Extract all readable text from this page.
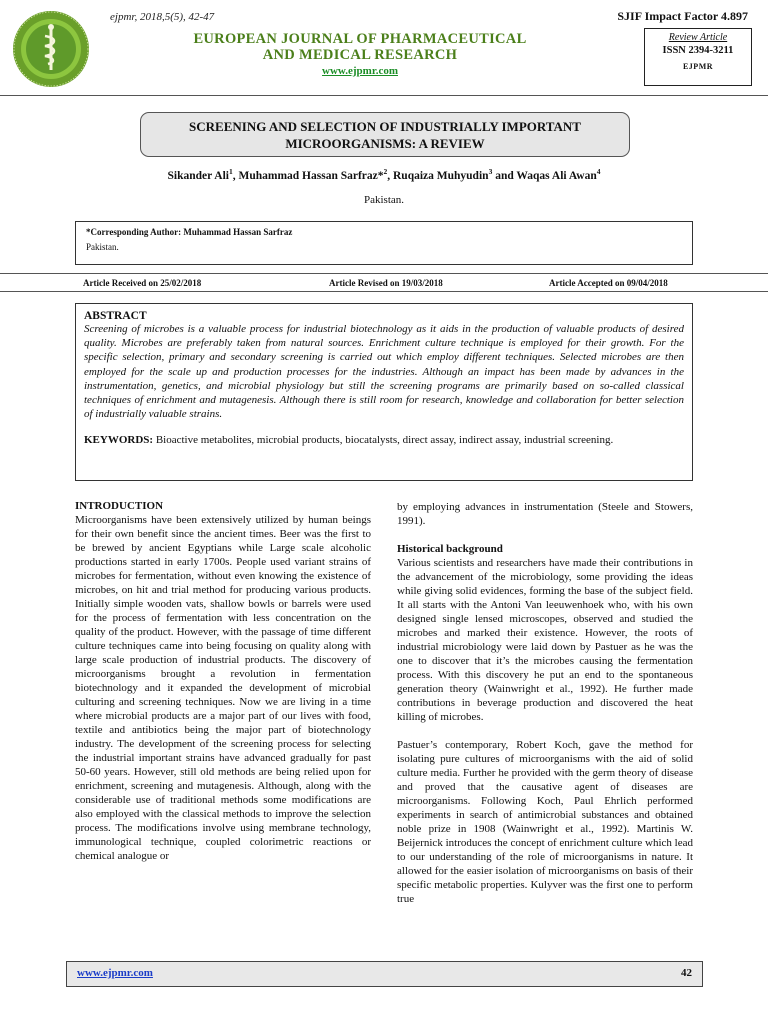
ejpmr, 2018,5(5), 42-47	SJIF Impact Factor 4.897
EUROPEAN JOURNAL OF PHARMACEUTICAL
AND MEDICAL RESEARCH
www.ejpmr.com
Review Article
ISSN 2394-3211
EJPMR
SCREENING AND SELECTION OF INDUSTRIALLY IMPORTANT
MICROORGANISMS: A REVIEW
Sikander Ali$^1$, Muhammad Hassan Sarfraz*$^2$, Ruqaiza Muhyudin$^3$ and Waqas Ali Awan$^4$
Pakistan.
*Corresponding Author: Muhammad Hassan Sarfraz
Pakistan.
Article Received on 25/02/2018	Article Revised on 19/03/2018	Article Accepted on 09/04/2018
ABSTRACT
Screening of microbes is a valuable process for industrial biotechnology as it aids in the production of valuable products of desired quality. Microbes are preferably taken from natural sources. Enrichment culture technique is employed for their growth. For the specific selection, primary and secondary screening is carried out which employ different techniques. Selected microbes are then employed for the scale up and production processes for the industries. Although an impact has been made by advances in the instrumentation, genetics, and microbial physiology but still the screening programs are primarily based on so-called classical techniques of enrichment and mutagenesis. Although there is still room for research, knowledge and collaboration for better selection of industrially valuable strains.
KEYWORDS: Bioactive metabolites, microbial products, biocatalysts, direct assay, indirect assay, industrial screening.
INTRODUCTION
Microorganisms have been extensively utilized by human beings for their own benefit since the ancient times. Beer was the first to be brewed by ancient Egyptians while Large scale alcoholic productions started in early 1700s. People used variant strains of microbes for fermentation, without even knowing the existence of microbes, on hit and trial method for producing various products. Initially simple wooden vats, shallow bowls or barrels were used for the process of fermentation with less concentration on the quality of the product. However, with the passage of time different culture techniques came into being focusing on quality along with large scale production of industrial products. The discovery of microorganisms brought a revolution in fermentation biotechnology and it expanded the development of microbial culturing and screening techniques. Now we are living in a time where microbial products are a major part of our lives with food, textile and antibiotics being the major part of biotechnology industry. The development of the screening process for selecting the industrial important strains have advanced gradually for past 50-60 years. However, still old methods are being relied upon for enrichment, screening and mutagenesis. Although, along with the considerable use of traditional methods some modifications are also employed with the classical methods to improve the selection process. The modifications involve using membrane technology, immunological technique, coupled colorimetric reactions or chemical analogue or
by employing advances in instrumentation (Steele and Stowers, 1991).
Historical background
Various scientists and researchers have made their contributions in the advancement of the microbiology, some providing the ideas while giving solid evidences, forming the base of the subject field. It all starts with the Antoni Van leeuwenhoek who, with his own designed single lensed microscopes, observed and studied the microbes and marked their existence. However, the roots of industrial microbiology were laid down by Pastuer as he was the one to discover that it’s the microbes causing the fermentation process. With this discovery he put an end to the spontaneous generation theory (Wainwright et al., 1992). He further made contributions in beverage production and discovered the heat killing of microbes.
Pastuer’s contemporary, Robert Koch, gave the method for isolating pure cultures of microorganisms with the aid of solid culture media. Further he provided with the germ theory of disease and proved that the causative agent of diseases are microorganisms. Following Koch, Paul Ehrlich performed experiments in search of antimicrobial substances and obtained noble prize in 1908 (Wainwright et al., 1992). Martinis W. Beijernick introduces the concept of enrichment culture which lead to our understanding of the role of microorganisms in nature. It allowed for the easier isolation of microorganisms on basis of their specific metabolic properties. Kulyver was the first one to perform true
www.ejpmr.com	42
